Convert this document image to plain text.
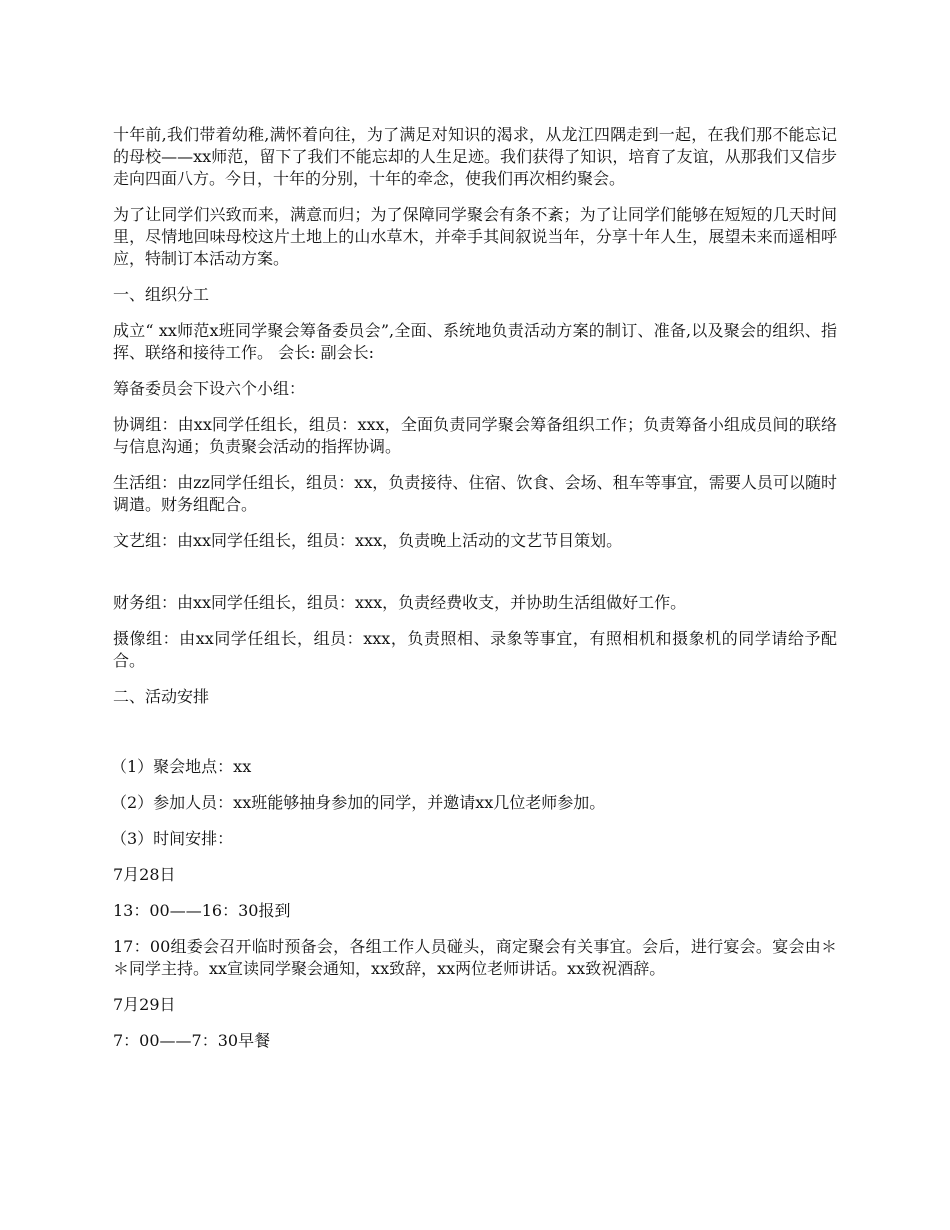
十年前,我们带着幼稚,满怀着向往，为了满足对知识的渴求，从龙江四隅走到一起，在我们那不能忘记的母校——xx师范，留下了我们不能忘却的人生足迹。我们获得了知识，培育了友谊，从那我们又信步走向四面八方。今日，十年的分别，十年的牵念，使我们再次相约聚会。

为了让同学们兴致而来，满意而归；为了保障同学聚会有条不紊；为了让同学们能够在短短的几天时间里，尽情地回味母校这片土地上的山水草木，并牵手其间叙说当年，分享十年人生，展望未来而遥相呼应，特制订本活动方案。

一、组织分工

成立“ xx师范x班同学聚会筹备委员会”,全面、系统地负责活动方案的制订、准备,以及聚会的组织、指挥、联络和接待工作。 会长: 副会长:

筹备委员会下设六个小组：

协调组：由xx同学任组长，组员：xxx，全面负责同学聚会筹备组织工作；负责筹备小组成员间的联络与信息沟通；负责聚会活动的指挥协调。

生活组：由zz同学任组长，组员：xx，负责接待、住宿、饮食、会场、租车等事宜，需要人员可以随时调遣。财务组配合。

文艺组：由xx同学任组长，组员：xxx，负责晚上活动的文艺节目策划。

财务组：由xx同学任组长，组员：xxx，负责经费收支，并协助生活组做好工作。

摄像组：由xx同学任组长，组员：xxx，负责照相、录象等事宜，有照相机和摄象机的同学请给予配合。

二、活动安排

（1）聚会地点：xx

（2）参加人员：xx班能够抽身参加的同学，并邀请xx几位老师参加。

（3）时间安排：

7月28日

13：00——16：30报到

17：00组委会召开临时预备会，各组工作人员碰头，商定聚会有关事宜。会后，进行宴会。宴会由＊＊同学主持。xx宣读同学聚会通知，xx致辞，xx两位老师讲话。xx致祝酒辞。

7月29日

7：00——7：30早餐
